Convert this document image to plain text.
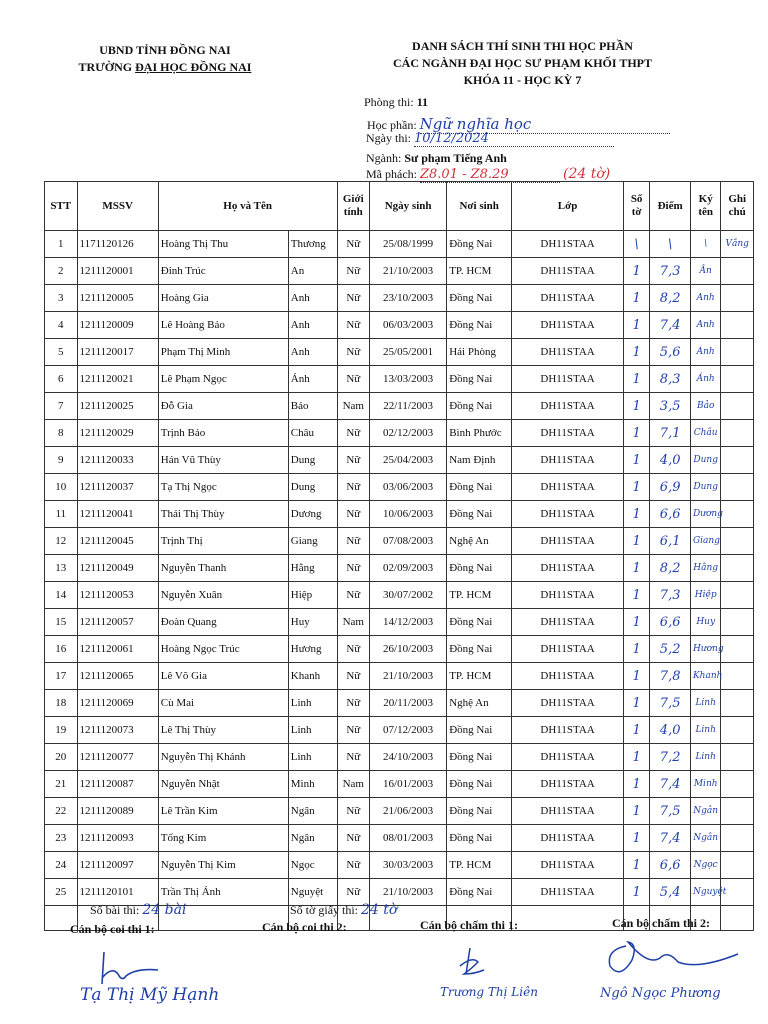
UBND TỈNH ĐỒNG NAI
TRƯỜNG ĐẠI HỌC ĐỒNG NAI
DANH SÁCH THÍ SINH THI HỌC PHẦN
CÁC NGÀNH ĐẠI HỌC SƯ PHẠM KHỐI THPT
KHÓA 11 - HỌC KỲ 7
Phòng thi: 11
Học phần: Ngữ nghĩa học
Ngày thi: 10/12/2024
Ngành: Sư phạm Tiếng Anh
Mã phách: Z8.01 - Z8.29	(24 tờ)
STT	MSSV	Họ và Tên		Giới tính	Ngày sinh	Nơi sinh	Lớp	Số tờ	Điểm	Ký tên	Ghi chú
1	1171120126	Hoàng Thị Thu	Thương	Nữ	25/08/1999	Đồng Nai	DH11STAA	\	\	\	Vắng
2	1211120001	Đinh Trúc	An	Nữ	21/10/2003	TP. HCM	DH11STAA	1	7,3	Ân	
3	1211120005	Hoàng Gia	Anh	Nữ	23/10/2003	Đồng Nai	DH11STAA	1	8,2	Anh	
4	1211120009	Lê Hoàng Bảo	Anh	Nữ	06/03/2003	Đồng Nai	DH11STAA	1	7,4	Anh	
5	1211120017	Phạm Thị Minh	Anh	Nữ	25/05/2001	Hải Phòng	DH11STAA	1	5,6	Anh	
6	1211120021	Lê Phạm Ngọc	Ánh	Nữ	13/03/2003	Đồng Nai	DH11STAA	1	8,3	Ánh	
7	1211120025	Đỗ Gia	Bảo	Nam	22/11/2003	Đồng Nai	DH11STAA	1	3,5	Bảo	
8	1211120029	Trịnh Bảo	Châu	Nữ	02/12/2003	Bình Phước	DH11STAA	1	7,1	Châu	
9	1211120033	Hán Vũ Thùy	Dung	Nữ	25/04/2003	Nam Định	DH11STAA	1	4,0	Dung	
10	1211120037	Tạ Thị Ngọc	Dung	Nữ	03/06/2003	Đồng Nai	DH11STAA	1	6,9	Dung	
11	1211120041	Thái Thị Thùy	Dương	Nữ	10/06/2003	Đồng Nai	DH11STAA	1	6,6	Dương	
12	1211120045	Trịnh Thị	Giang	Nữ	07/08/2003	Nghệ An	DH11STAA	1	6,1	Giang	
13	1211120049	Nguyễn Thanh	Hằng	Nữ	02/09/2003	Đồng Nai	DH11STAA	1	8,2	Hằng	
14	1211120053	Nguyễn Xuân	Hiệp	Nữ	30/07/2002	TP. HCM	DH11STAA	1	7,3	Hiệp	
15	1211120057	Đoàn Quang	Huy	Nam	14/12/2003	Đồng Nai	DH11STAA	1	6,6	Huy	
16	1211120061	Hoàng Ngọc Trúc	Hương	Nữ	26/10/2003	Đồng Nai	DH11STAA	1	5,2	Hương	
17	1211120065	Lê Võ Gia	Khanh	Nữ	21/10/2003	TP. HCM	DH11STAA	1	7,8	Khanh	
18	1211120069	Cù Mai	Linh	Nữ	20/11/2003	Nghệ An	DH11STAA	1	7,5	Linh	
19	1211120073	Lê Thị Thùy	Linh	Nữ	07/12/2003	Đồng Nai	DH11STAA	1	4,0	Linh	
20	1211120077	Nguyễn Thị Khánh	Linh	Nữ	24/10/2003	Đồng Nai	DH11STAA	1	7,2	Linh	
21	1211120087	Nguyễn Nhật	Minh	Nam	16/01/2003	Đồng Nai	DH11STAA	1	7,4	Minh	
22	1211120089	Lê Trần Kim	Ngân	Nữ	21/06/2003	Đồng Nai	DH11STAA	1	7,5	Ngân	
23	1211120093	Tống Kim	Ngân	Nữ	08/01/2003	Đồng Nai	DH11STAA	1	7,4	Ngân	
24	1211120097	Nguyễn Thị Kim	Ngọc	Nữ	30/03/2003	TP. HCM	DH11STAA	1	6,6	Ngọc	
25	1211120101	Trần Thị Ánh	Nguyệt	Nữ	21/10/2003	Đồng Nai	DH11STAA	1	5,4	Nguyệt	

Số bài thi: 24 bài	Số tờ giấy thi: 24 tờ
Cán bộ coi thi 1:	Cán bộ coi thi 2:	Cán bộ chấm thi 1:	Cán bộ chấm thi 2:
Tạ Thị Mỹ Hạnh	Trương Thị Liên	Ngô Ngọc Phương
